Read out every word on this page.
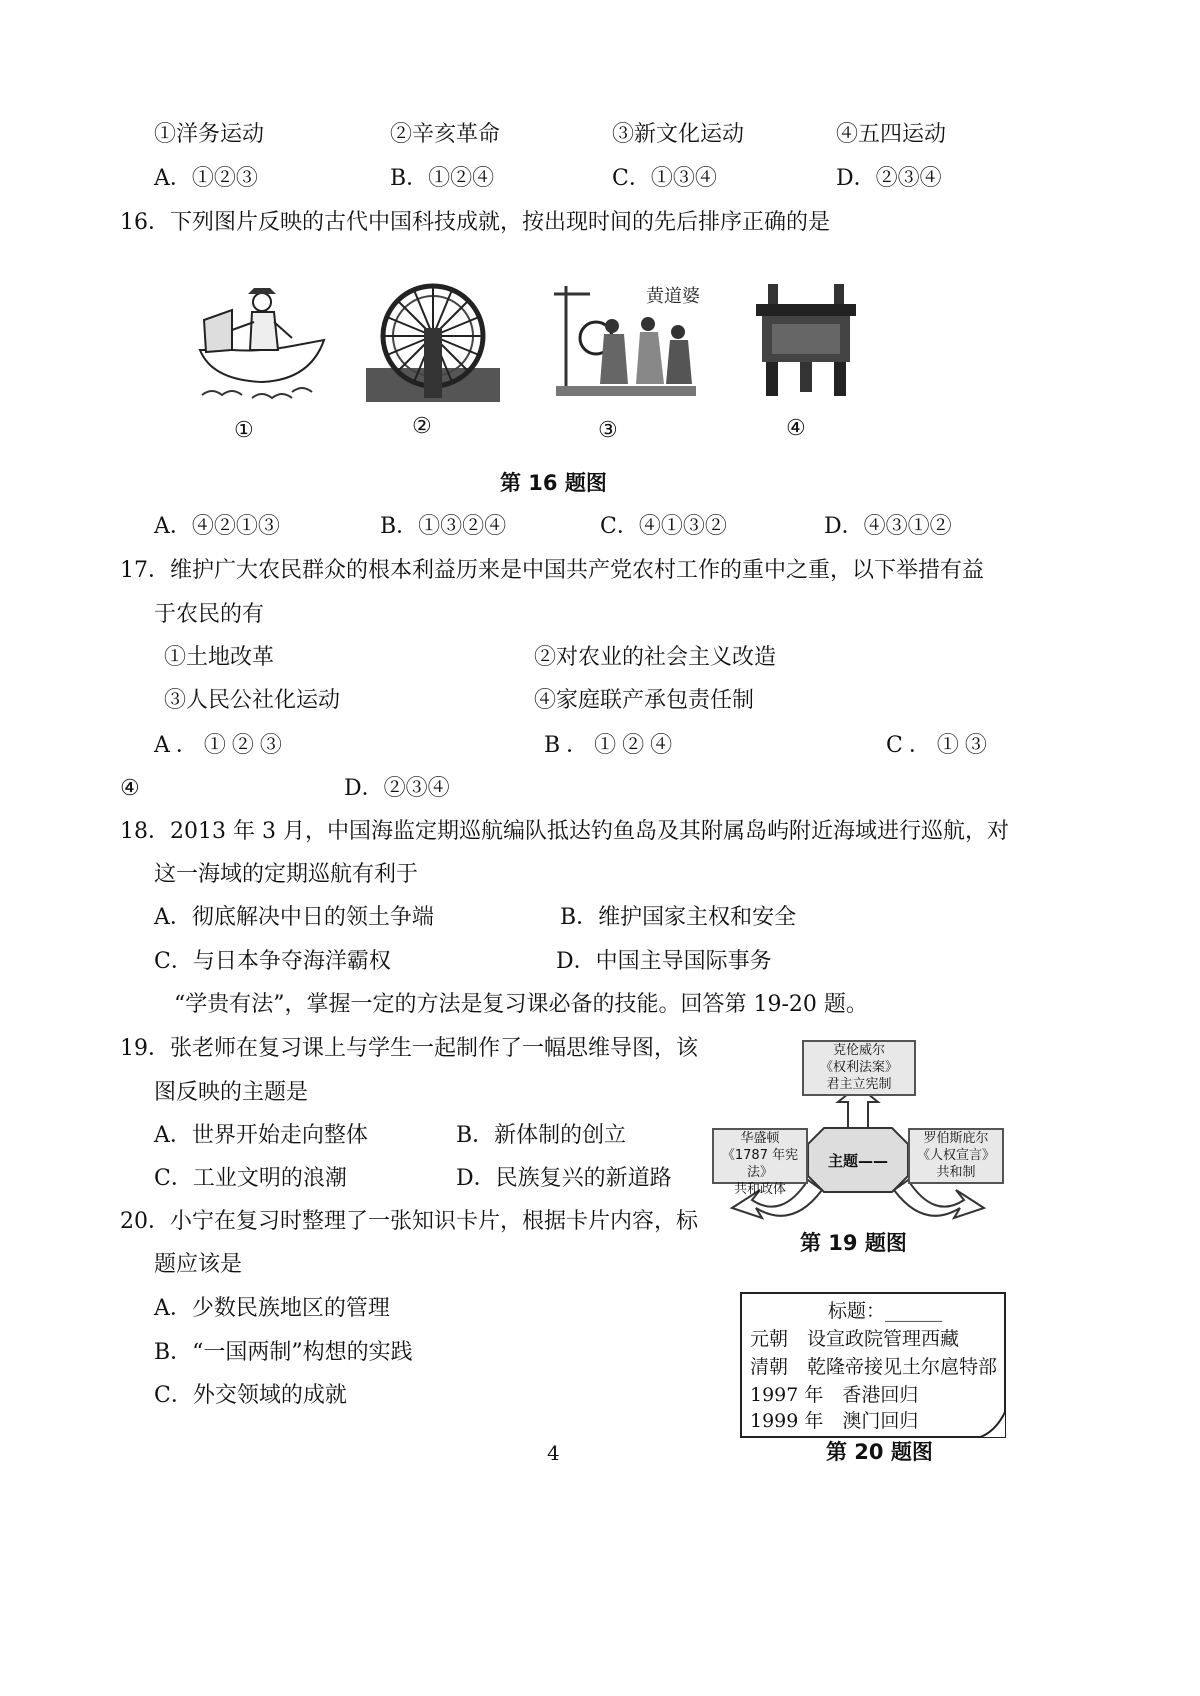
①洋务运动	②辛亥革命	③新文化运动	④五四运动
A．①②③	B．①②④	C．①③④	D．②③④
16．下列图片反映的古代中国科技成就，按出现时间的先后排序正确的是
①	②
黄道婆
③	④
第 16 题图
A．④②①③	B．①③②④	C．④①③②	D．④③①②
17．维护广大农民群众的根本利益历来是中国共产党农村工作的重中之重，以下举措有益
于农民的有
①土地改革	②对农业的社会主义改造
③人民公社化运动	④家庭联产承包责任制
A．①②③	B．①②④	C．①③
④	D．②③④
18．2013 年 3 月，中国海监定期巡航编队抵达钓鱼岛及其附属岛屿附近海域进行巡航，对
这一海域的定期巡航有利于
A．彻底解决中日的领土争端	B．维护国家主权和安全
C．与日本争夺海洋霸权	D．中国主导国际事务
“学贵有法”，掌握一定的方法是复习课必备的技能。回答第 19-20 题。
19．张老师在复习课上与学生一起制作了一幅思维导图，该
图反映的主题是
A．世界开始走向整体	B．新体制的创立
C．工业文明的浪潮	D．民族复兴的新道路
克伦威尔
《权利法案》
君主立宪制
华盛顿
《1787 年宪法》
共和政体
罗伯斯庇尔
《人权宣言》
共和制
主题——
第 19 题图
20．小宁在复习时整理了一张知识卡片，根据卡片内容，标
题应该是
A．少数民族地区的管理
B．“一国两制”构想的实践
C．外交领域的成就
标题：______
元朝　设宣政院管理西藏
清朝　乾隆帝接见土尔扈特部
1997 年　香港回归
1999 年　澳门回归
第 20 题图
4
